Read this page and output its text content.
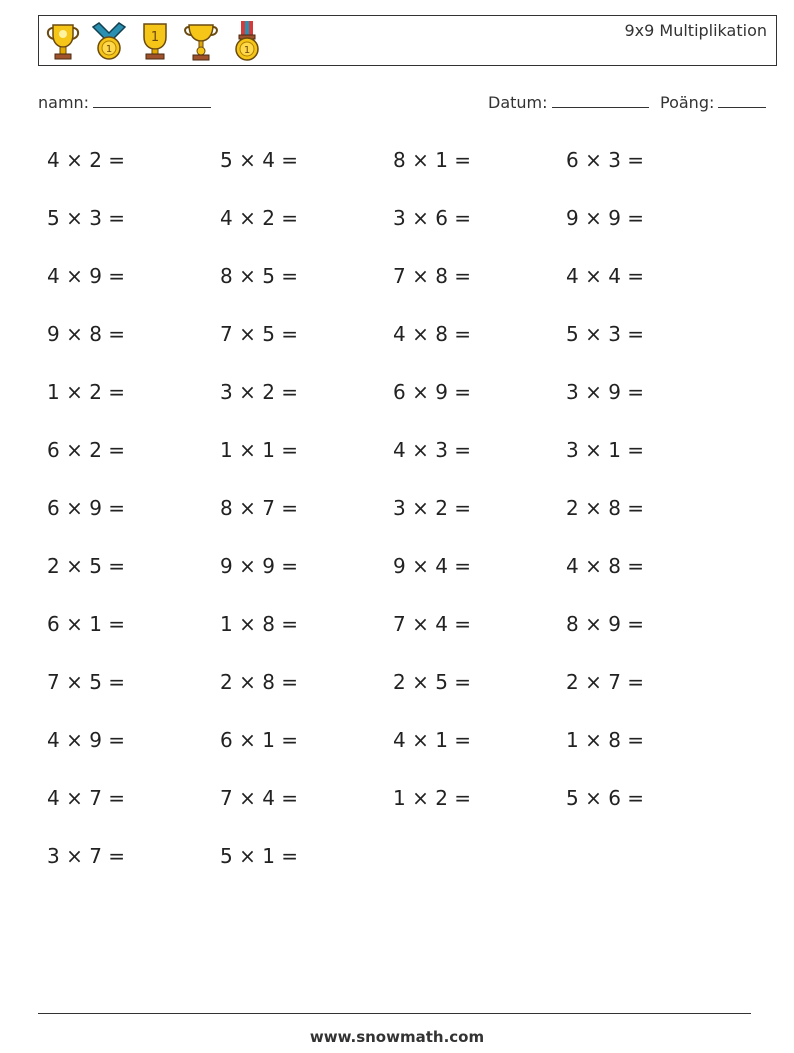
1
1
1
9x9 Multiplikation
namn:	Datum:	Poäng:
4 × 2 =	5 × 4 =	8 × 1 =	6 × 3 =
5 × 3 =	4 × 2 =	3 × 6 =	9 × 9 =
4 × 9 =	8 × 5 =	7 × 8 =	4 × 4 =
9 × 8 =	7 × 5 =	4 × 8 =	5 × 3 =
1 × 2 =	3 × 2 =	6 × 9 =	3 × 9 =
6 × 2 =	1 × 1 =	4 × 3 =	3 × 1 =
6 × 9 =	8 × 7 =	3 × 2 =	2 × 8 =
2 × 5 =	9 × 9 =	9 × 4 =	4 × 8 =
6 × 1 =	1 × 8 =	7 × 4 =	8 × 9 =
7 × 5 =	2 × 8 =	2 × 5 =	2 × 7 =
4 × 9 =	6 × 1 =	4 × 1 =	1 × 8 =
4 × 7 =	7 × 4 =	1 × 2 =	5 × 6 =
3 × 7 =	5 × 1 =
www.snowmath.com
